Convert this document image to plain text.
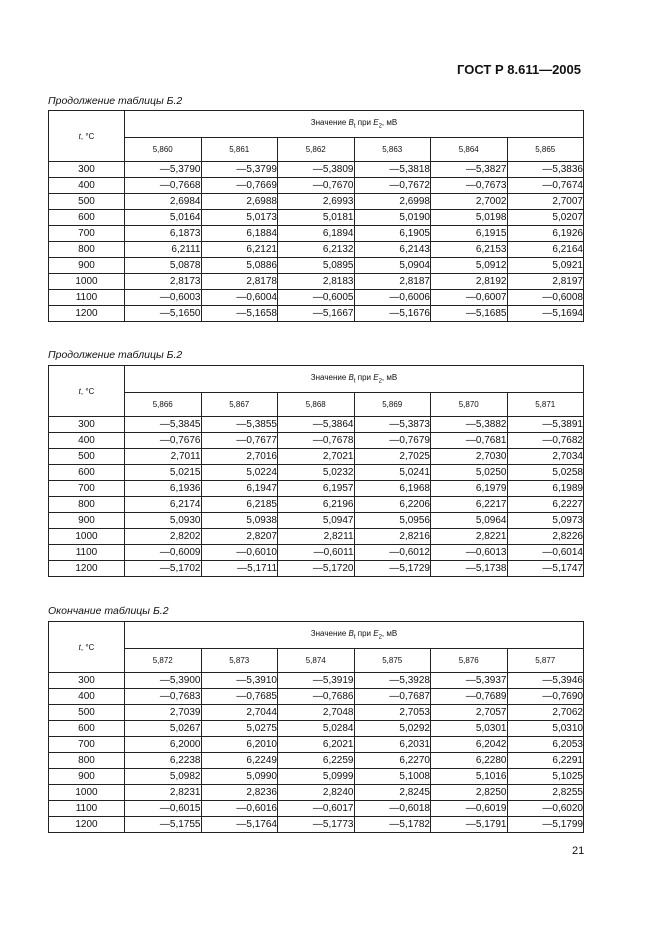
ГОСТ Р 8.611—2005
Продолжение таблицы Б.2
t, °С	Значение $B_t$ при $E_2$, мВ					
	5,860	5,861	5,862	5,863	5,864	5,865
300	—5,3790	—5,3799	—5,3809	—5,3818	—5,3827	—5,3836
400	—0,7668	—0,7669	—0,7670	—0,7672	—0,7673	—0,7674
500	2,6984	2,6988	2,6993	2,6998	2,7002	2,7007
600	5,0164	5,0173	5,0181	5,0190	5,0198	5,0207
700	6,1873	6,1884	6,1894	6,1905	6,1915	6,1926
800	6,2111	6,2121	6,2132	6,2143	6,2153	6,2164
900	5,0878	5,0886	5,0895	5,0904	5,0912	5,0921
1000	2,8173	2,8178	2,8183	2,8187	2,8192	2,8197
1100	—0,6003	—0,6004	—0,6005	—0,6006	—0,6007	—0,6008
1200	—5,1650	—5,1658	—5,1667	—5,1676	—5,1685	—5,1694
Продолжение таблицы Б.2
t, °С	Значение $B_t$ при $E_2$, мВ					
	5,866	5,867	5,868	5,869	5,870	5,871
300	—5,3845	—5,3855	—5,3864	—5,3873	—5,3882	—5,3891
400	—0,7676	—0,7677	—0,7678	—0,7679	—0,7681	—0,7682
500	2,7011	2,7016	2,7021	2,7025	2,7030	2,7034
600	5,0215	5,0224	5,0232	5,0241	5,0250	5,0258
700	6,1936	6,1947	6,1957	6,1968	6,1979	6,1989
800	6,2174	6,2185	6,2196	6,2206	6,2217	6,2227
900	5,0930	5,0938	5,0947	5,0956	5,0964	5,0973
1000	2,8202	2,8207	2,8211	2,8216	2,8221	2,8226
1100	—0,6009	—0,6010	—0,6011	—0,6012	—0,6013	—0,6014
1200	—5,1702	—5,1711	—5,1720	—5,1729	—5,1738	—5,1747
Окончание таблицы Б.2
t, °С	Значение $B_t$ при $E_2$, мВ					
	5,872	5,873	5,874	5,875	5,876	5,877
300	—5,3900	—5,3910	—5,3919	—5,3928	—5,3937	—5,3946
400	—0,7683	—0,7685	—0,7686	—0,7687	—0,7689	—0,7690
500	2,7039	2,7044	2,7048	2,7053	2,7057	2,7062
600	5,0267	5,0275	5,0284	5,0292	5,0301	5,0310
700	6,2000	6,2010	6,2021	6,2031	6,2042	6,2053
800	6,2238	6,2249	6,2259	6,2270	6,2280	6,2291
900	5,0982	5,0990	5,0999	5,1008	5,1016	5,1025
1000	2,8231	2,8236	2,8240	2,8245	2,8250	2,8255
1100	—0,6015	—0,6016	—0,6017	—0,6018	—0,6019	—0,6020
1200	—5,1755	—5,1764	—5,1773	—5,1782	—5,1791	—5,1799
21
